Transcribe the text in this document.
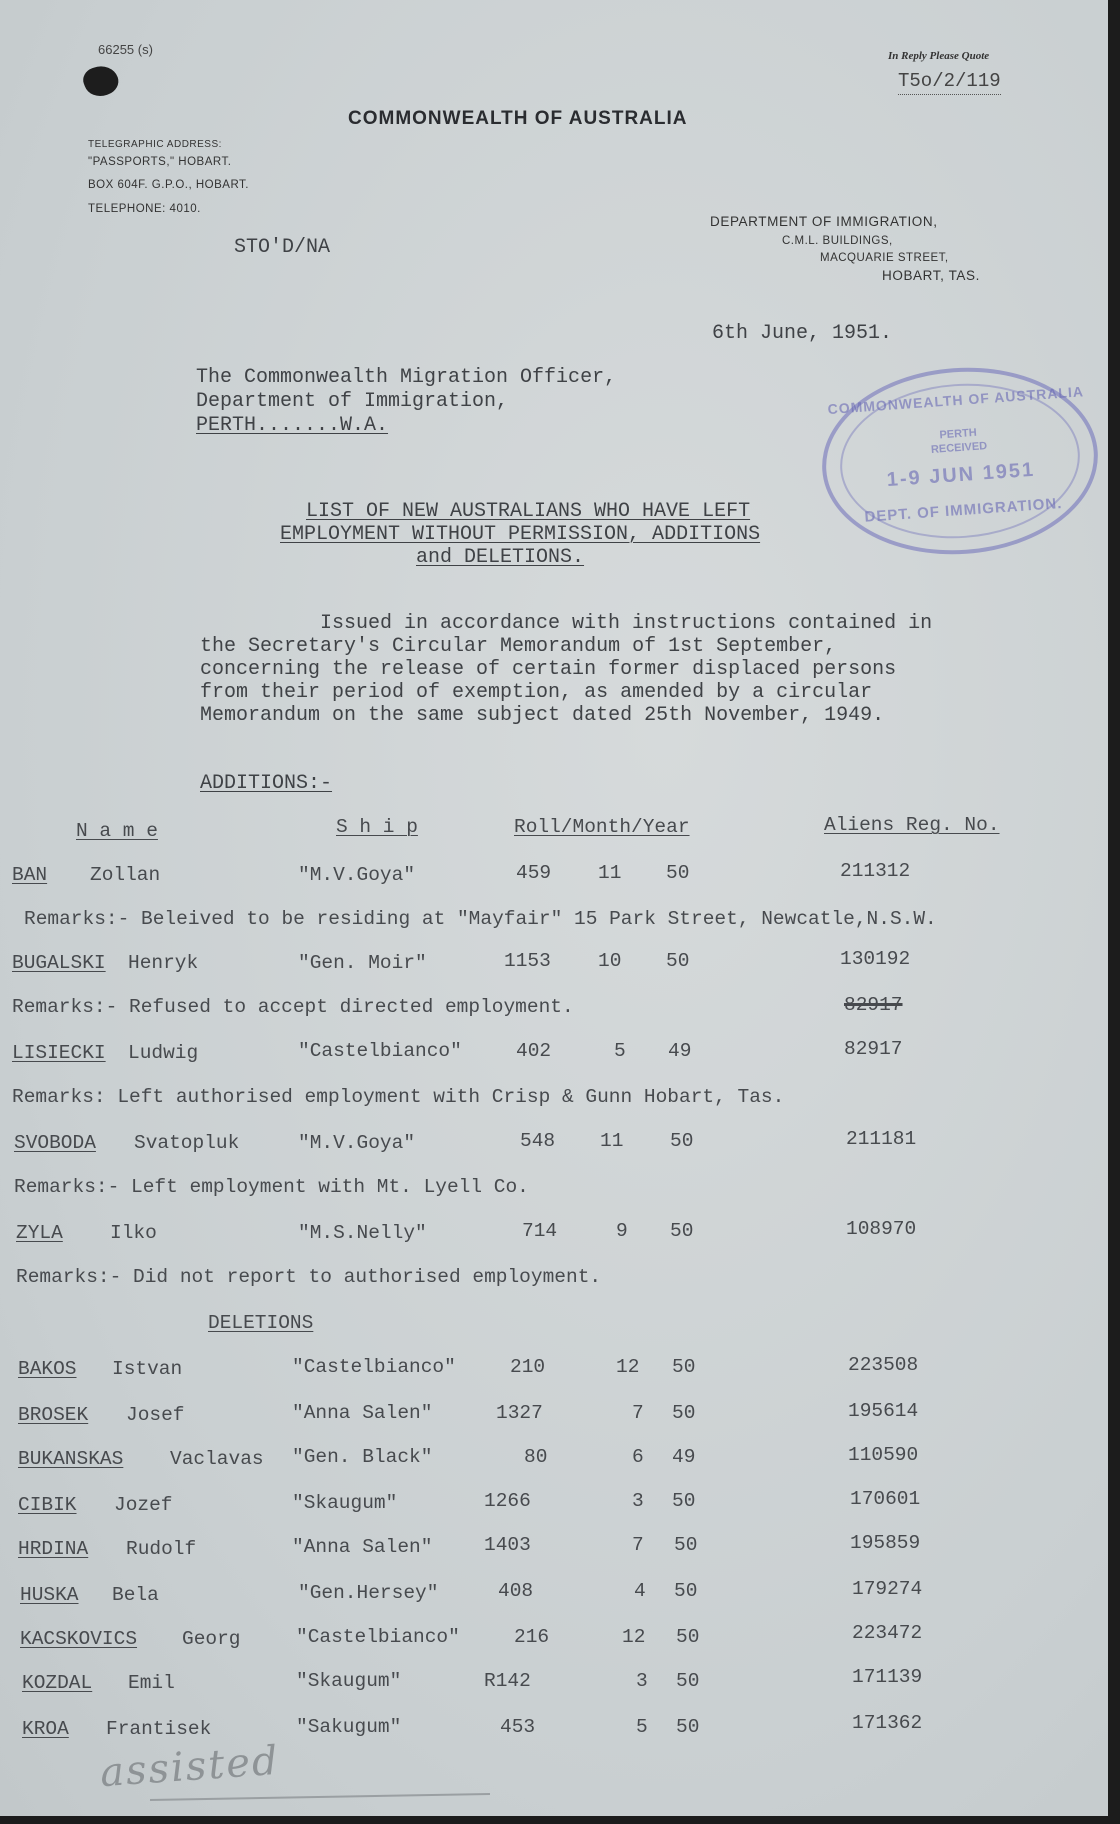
66255 (s)	In Reply Please Quote
T5o/2/119
COMMONWEALTH OF AUSTRALIA
TELEGRAPHIC ADDRESS:
"PASSPORTS," HOBART.
BOX 604F. G.P.O., HOBART.
TELEPHONE: 4010.
STO'D/NA
DEPARTMENT OF IMMIGRATION,
C.M.L. BUILDINGS,
MACQUARIE STREET,
HOBART, TAS.
6th June, 1951.
COMMONWEALTH OF AUSTRALIA
PERTH
RECEIVED
1-9 JUN 1951
DEPT. OF IMMIGRATION.
The Commonwealth Migration Officer,
Department of Immigration,
PERTH.......W.A.
LIST OF NEW AUSTRALIANS WHO HAVE LEFT
EMPLOYMENT WITHOUT PERMISSION, ADDITIONS
and DELETIONS.
Issued in accordance with instructions contained in
the Secretary's Circular Memorandum of 1st September,
concerning the release of certain former displaced persons
from their period of exemption, as amended by a circular
Memorandum on the same subject dated 25th November, 1949.
ADDITIONS:-
N a m e	S h i p	Roll/Month/Year	Aliens Reg. No.
BAN Zollan	"M.V.Goya"	459 11 50	211312
Remarks:- Beleived to be residing at "Mayfair" 15 Park Street, Newcatle,N.S.W.
BUGALSKI Henryk	"Gen. Moir"	1153 10 50	130192
Remarks:- Refused to accept directed employment.	82917
LISIECKI Ludwig	"Castelbianco"	402	5 49	82917
Remarks: Left authorised employment with Crisp & Gunn Hobart, Tas.
SVOBODA Svatopluk	"M.V.Goya"	548 11 50	211181
Remarks:- Left employment with Mt. Lyell Co.
ZYLA Ilko	"M.S.Nelly"	714	9 50	108970
Remarks:- Did not report to authorised employment.
DELETIONS
BAKOS Istvan	"Castelbianco"	210	12 50	223508
BROSEK Josef	"Anna Salen"	1327	7 50	195614
BUKANSKAS Vaclavas "Gen. Black"	80	6 49	110590
CIBIK Jozef	"Skaugum"	1266	3 50	170601
HRDINA Rudolf	"Anna Salen"	1403	7 50	195859
HUSKA Bela	"Gen.Hersey"	408	4 50	179274
KACSKOVICS Georg	"Castelbianco"	216	12 50	223472
KOZDAL Emil	"Skaugum"	R142	3 50	171139
KROA Frantisek	"Sakugum"	453	5 50	171362
assisted
